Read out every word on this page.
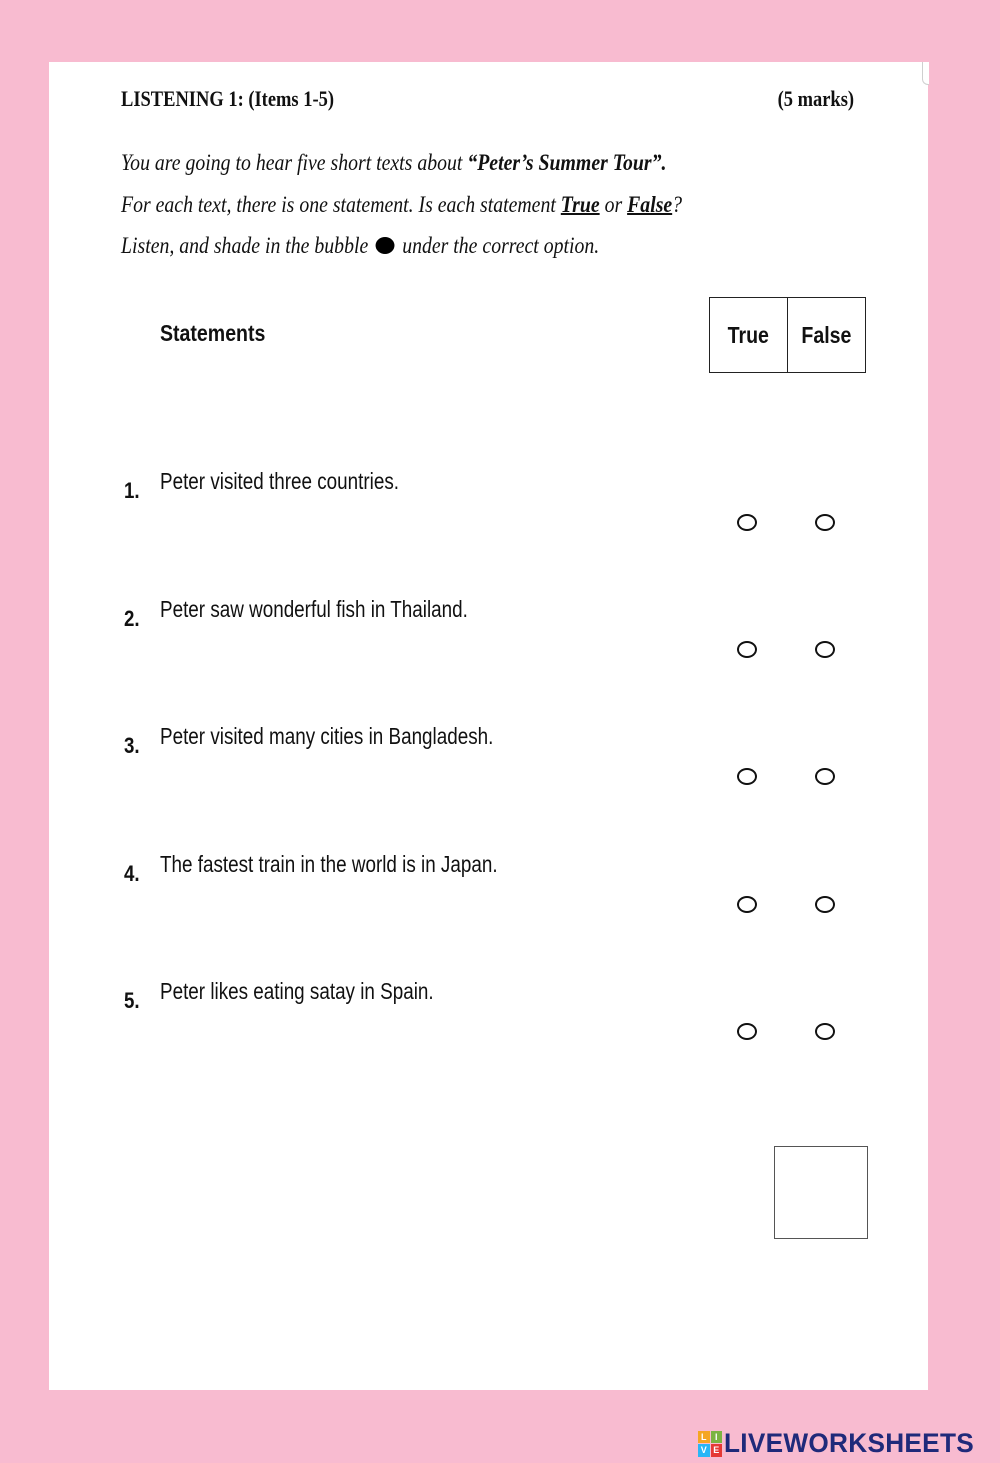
LISTENING 1: (Items 1-5)	(5 marks)
You are going to hear five short texts about “Peter’s Summer Tour”.
For each text, there is one statement. Is each statement True or False?
Listen, and shade in the bubble under the correct option.
Statements	True False
1. Peter visited three countries.
2. Peter saw wonderful fish in Thailand.
3. Peter visited many cities in Bangladesh.
4. The fastest train in the world is in Japan.
5. Peter likes eating satay in Spain.
L I
V E LIVEWORKSHEETS
